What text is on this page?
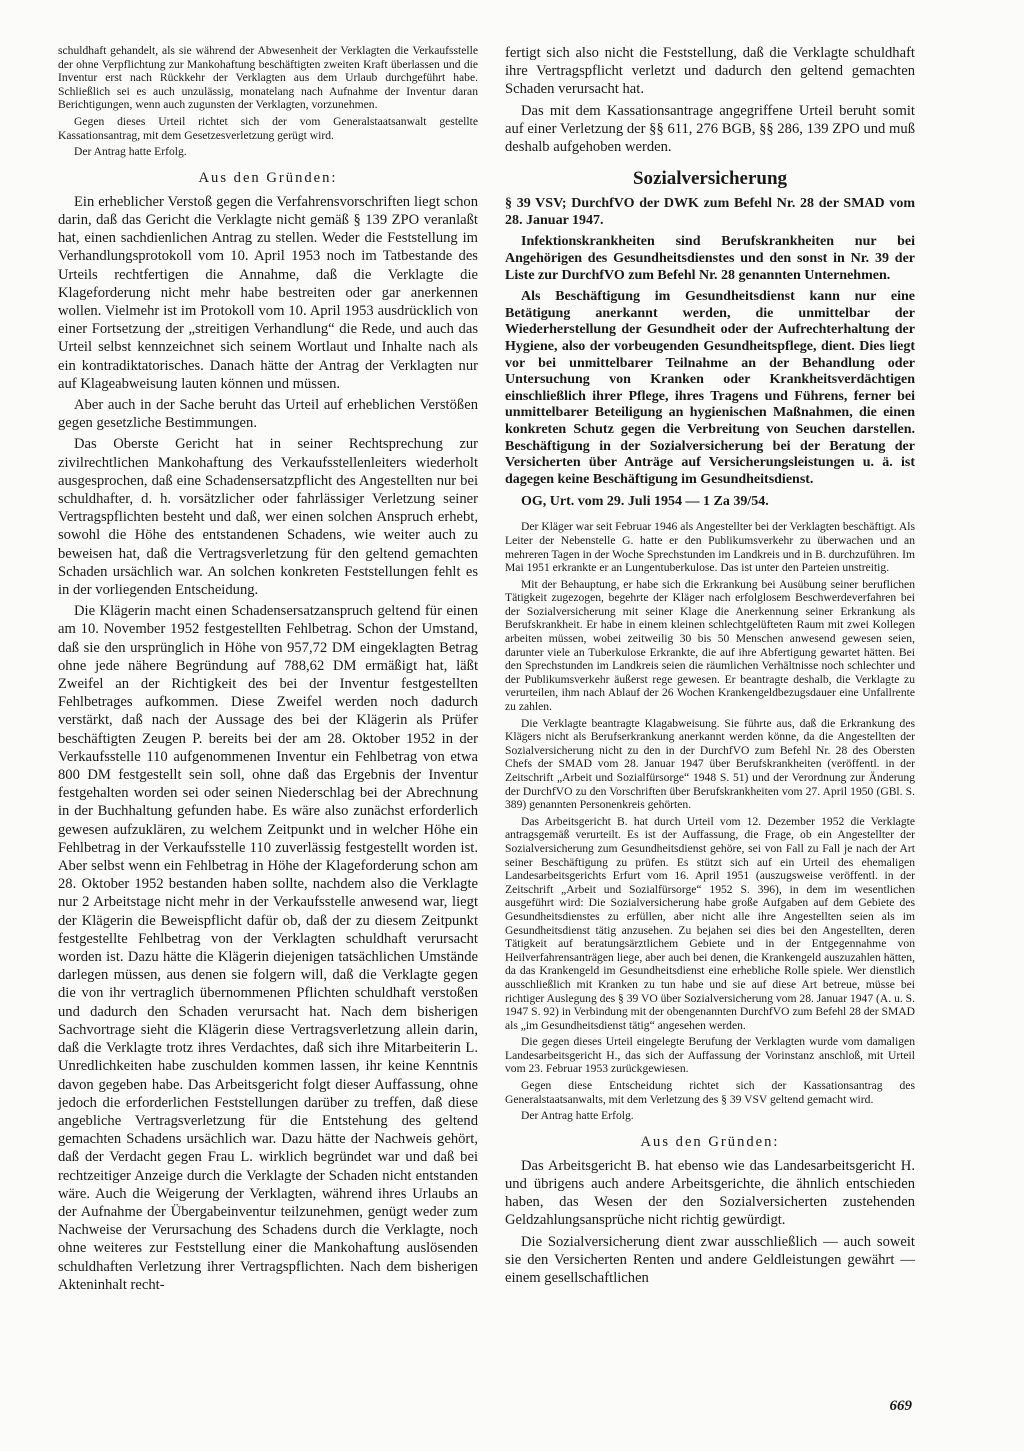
schuldhaft gehandelt, als sie während der Abwesenheit der Verklagten die Verkaufsstelle der ohne Verpflichtung zur Mankohaftung beschäftigten zweiten Kraft überlassen und die Inventur erst nach Rückkehr der Verklagten aus dem Urlaub durchgeführt habe. Schließlich sei es auch unzulässig, monatelang nach Aufnahme der Inventur daran Berichtigungen, wenn auch zugunsten der Verklagten, vorzunehmen.

Gegen dieses Urteil richtet sich der vom Generalstaatsanwalt gestellte Kassationsantrag, mit dem Gesetzesverletzung gerügt wird.

Der Antrag hatte Erfolg.

Aus den Gründen:

Ein erheblicher Verstoß gegen die Verfahrensvorschriften liegt schon darin, daß das Gericht die Verklagte nicht gemäß § 139 ZPO veranlaßt hat, einen sachdienlichen Antrag zu stellen. Weder die Feststellung im Verhandlungsprotokoll vom 10. April 1953 noch im Tatbestande des Urteils rechtfertigen die Annahme, daß die Verklagte die Klageforderung nicht mehr habe bestreiten oder gar anerkennen wollen. Vielmehr ist im Protokoll vom 10. April 1953 ausdrücklich von einer Fortsetzung der „streitigen Verhandlung“ die Rede, und auch das Urteil selbst kennzeichnet sich seinem Wortlaut und Inhalte nach als ein kontradiktatorisches. Danach hätte der Antrag der Verklagten nur auf Klageabweisung lauten können und müssen.

Aber auch in der Sache beruht das Urteil auf erheblichen Verstößen gegen gesetzliche Bestimmungen.

Das Oberste Gericht hat in seiner Rechtsprechung zur zivilrechtlichen Mankohaftung des Verkaufsstellenleiters wiederholt ausgesprochen, daß eine Schadensersatzpflicht des Angestellten nur bei schuldhafter, d. h. vorsätzlicher oder fahrlässiger Verletzung seiner Vertragspflichten besteht und daß, wer einen solchen Anspruch erhebt, sowohl die Höhe des entstandenen Schadens, wie weiter auch zu beweisen hat, daß die Vertragsverletzung für den geltend gemachten Schaden ursächlich war. An solchen konkreten Feststellungen fehlt es in der vorliegenden Entscheidung.

Die Klägerin macht einen Schadensersatzanspruch geltend für einen am 10. November 1952 festgestellten Fehlbetrag. Schon der Umstand, daß sie den ursprünglich in Höhe von 957,72 DM eingeklagten Betrag ohne jede nähere Begründung auf 788,62 DM ermäßigt hat, läßt Zweifel an der Richtigkeit des bei der Inventur festgestellten Fehlbetrages aufkommen. Diese Zweifel werden noch dadurch verstärkt, daß nach der Aussage des bei der Klägerin als Prüfer beschäftigten Zeugen P. bereits bei der am 28. Oktober 1952 in der Verkaufsstelle 110 aufgenommenen Inventur ein Fehlbetrag von etwa 800 DM festgestellt sein soll, ohne daß das Ergebnis der Inventur festgehalten worden sei oder seinen Niederschlag bei der Abrechnung in der Buchhaltung gefunden habe. Es wäre also zunächst erforderlich gewesen aufzuklären, zu welchem Zeitpunkt und in welcher Höhe ein Fehlbetrag in der Verkaufsstelle 110 zuverlässig festgestellt worden ist. Aber selbst wenn ein Fehlbetrag in Höhe der Klageforderung schon am 28. Oktober 1952 bestanden haben sollte, nachdem also die Verklagte nur 2 Arbeitstage nicht mehr in der Verkaufsstelle anwesend war, liegt der Klägerin die Beweispflicht dafür ob, daß der zu diesem Zeitpunkt festgestellte Fehlbetrag von der Verklagten schuldhaft verursacht worden ist. Dazu hätte die Klägerin diejenigen tatsächlichen Umstände darlegen müssen, aus denen sie folgern will, daß die Verklagte gegen die von ihr vertraglich übernommenen Pflichten schuldhaft verstoßen und dadurch den Schaden verursacht hat. Nach dem bisherigen Sachvortrage sieht die Klägerin diese Vertragsverletzung allein darin, daß die Verklagte trotz ihres Verdachtes, daß sich ihre Mitarbeiterin L. Unredlichkeiten habe zuschulden kommen lassen, ihr keine Kenntnis davon gegeben habe. Das Arbeitsgericht folgt dieser Auffassung, ohne jedoch die erforderlichen Feststellungen darüber zu treffen, daß diese angebliche Vertragsverletzung für die Entstehung des geltend gemachten Schadens ursächlich war. Dazu hätte der Nachweis gehört, daß der Verdacht gegen Frau L. wirklich begründet war und daß bei rechtzeitiger Anzeige durch die Verklagte der Schaden nicht entstanden wäre. Auch die Weigerung der Verklagten, während ihres Urlaubs an der Aufnahme der Übergabeinventur teilzunehmen, genügt weder zum Nachweise der Verursachung des Schadens durch die Verklagte, noch ohne weiteres zur Feststellung einer die Mankohaftung auslösenden schuldhaften Verletzung ihrer Vertragspflichten. Nach dem bisherigen Akteninhalt recht-

fertigt sich also nicht die Feststellung, daß die Verklagte schuldhaft ihre Vertragspflicht verletzt und dadurch den geltend gemachten Schaden verursacht hat.

Das mit dem Kassationsantrage angegriffene Urteil beruht somit auf einer Verletzung der §§ 611, 276 BGB, §§ 286, 139 ZPO und muß deshalb aufgehoben werden.

Sozialversicherung

§ 39 VSV; DurchfVO der DWK zum Befehl Nr. 28 der SMAD vom 28. Januar 1947.

Infektionskrankheiten sind Berufskrankheiten nur bei Angehörigen des Gesundheitsdienstes und den sonst in Nr. 39 der Liste zur DurchfVO zum Befehl Nr. 28 genannten Unternehmen.

Als Beschäftigung im Gesundheitsdienst kann nur eine Betätigung anerkannt werden, die unmittelbar der Wiederherstellung der Gesundheit oder der Aufrechterhaltung der Hygiene, also der vorbeugenden Gesundheitspflege, dient. Dies liegt vor bei unmittelbarer Teilnahme an der Behandlung oder Untersuchung von Kranken oder Krankheitsverdächtigen einschließlich ihrer Pflege, ihres Tragens und Führens, ferner bei unmittelbarer Beteiligung an hygienischen Maßnahmen, die einen konkreten Schutz gegen die Verbreitung von Seuchen darstellen. Beschäftigung in der Sozialversicherung bei der Beratung der Versicherten über Anträge auf Versicherungsleistungen u. ä. ist dagegen keine Beschäftigung im Gesundheitsdienst.

OG, Urt. vom 29. Juli 1954 — 1 Za 39/54.

Der Kläger war seit Februar 1946 als Angestellter bei der Verklagten beschäftigt. Als Leiter der Nebenstelle G. hatte er den Publikumsverkehr zu überwachen und an mehreren Tagen in der Woche Sprechstunden im Landkreis und in B. durchzuführen. Im Mai 1951 erkrankte er an Lungentuberkulose. Das ist unter den Parteien unstreitig.

Mit der Behauptung, er habe sich die Erkrankung bei Ausübung seiner beruflichen Tätigkeit zugezogen, begehrte der Kläger nach erfolglosem Beschwerdeverfahren bei der Sozialversicherung mit seiner Klage die Anerkennung seiner Erkrankung als Berufskrankheit. Er habe in einem kleinen schlechtgelüfteten Raum mit zwei Kollegen arbeiten müssen, wobei zeitweilig 30 bis 50 Menschen anwesend gewesen seien, darunter viele an Tuberkulose Erkrankte, die auf ihre Abfertigung gewartet hätten. Bei den Sprechstunden im Landkreis seien die räumlichen Verhältnisse noch schlechter und der Publikumsverkehr äußerst rege gewesen. Er beantragte deshalb, die Verklagte zu verurteilen, ihm nach Ablauf der 26 Wochen Krankengeldbezugsdauer eine Unfallrente zu zahlen.

Die Verklagte beantragte Klagabweisung. Sie führte aus, daß die Erkrankung des Klägers nicht als Berufserkrankung anerkannt werden könne, da die Angestellten der Sozialversicherung nicht zu den in der DurchfVO zum Befehl Nr. 28 des Obersten Chefs der SMAD vom 28. Januar 1947 über Berufskrankheiten (veröffentl. in der Zeitschrift „Arbeit und Sozialfürsorge“ 1948 S. 51) und der Verordnung zur Änderung der DurchfVO zu den Vorschriften über Berufskrankheiten vom 27. April 1950 (GBl. S. 389) genannten Personenkreis gehörten.

Das Arbeitsgericht B. hat durch Urteil vom 12. Dezember 1952 die Verklagte antragsgemäß verurteilt. Es ist der Auffassung, die Frage, ob ein Angestellter der Sozialversicherung zum Gesundheitsdienst gehöre, sei von Fall zu Fall je nach der Art seiner Beschäftigung zu prüfen. Es stützt sich auf ein Urteil des ehemaligen Landesarbeitsgerichts Erfurt vom 16. April 1951 (auszugsweise veröffentl. in der Zeitschrift „Arbeit und Sozialfürsorge“ 1952 S. 396), in dem im wesentlichen ausgeführt wird: Die Sozialversicherung habe große Aufgaben auf dem Gebiete des Gesundheitsdienstes zu erfüllen, aber nicht alle ihre Angestellten seien als im Gesundheitsdienst tätig anzusehen. Zu bejahen sei dies bei den Angestellten, deren Tätigkeit auf beratungsärztlichem Gebiete und in der Entgegennahme von Heilverfahrensanträgen liege, aber auch bei denen, die Krankengeld auszuzahlen hätten, da das Krankengeld im Gesundheitsdienst eine erhebliche Rolle spiele. Wer dienstlich ausschließlich mit Kranken zu tun habe und sie auf diese Art betreue, müsse bei richtiger Auslegung des § 39 VO über Sozialversicherung vom 28. Januar 1947 (A. u. S. 1947 S. 92) in Verbindung mit der obengenannten DurchfVO zum Befehl 28 der SMAD als „im Gesundheitsdienst tätig“ angesehen werden.

Die gegen dieses Urteil eingelegte Berufung der Verklagten wurde vom damaligen Landesarbeitsgericht H., das sich der Auffassung der Vorinstanz anschloß, mit Urteil vom 23. Februar 1953 zurückgewiesen.

Gegen diese Entscheidung richtet sich der Kassationsantrag des Generalstaatsanwalts, mit dem Verletzung des § 39 VSV geltend gemacht wird.

Der Antrag hatte Erfolg.

Aus den Gründen:

Das Arbeitsgericht B. hat ebenso wie das Landesarbeitsgericht H. und übrigens auch andere Arbeitsgerichte, die ähnlich entschieden haben, das Wesen der den Sozialversicherten zustehenden Geldzahlungsansprüche nicht richtig gewürdigt.

Die Sozialversicherung dient zwar ausschließlich — auch soweit sie den Versicherten Renten und andere Geldleistungen gewährt — einem gesellschaftlichen

669
